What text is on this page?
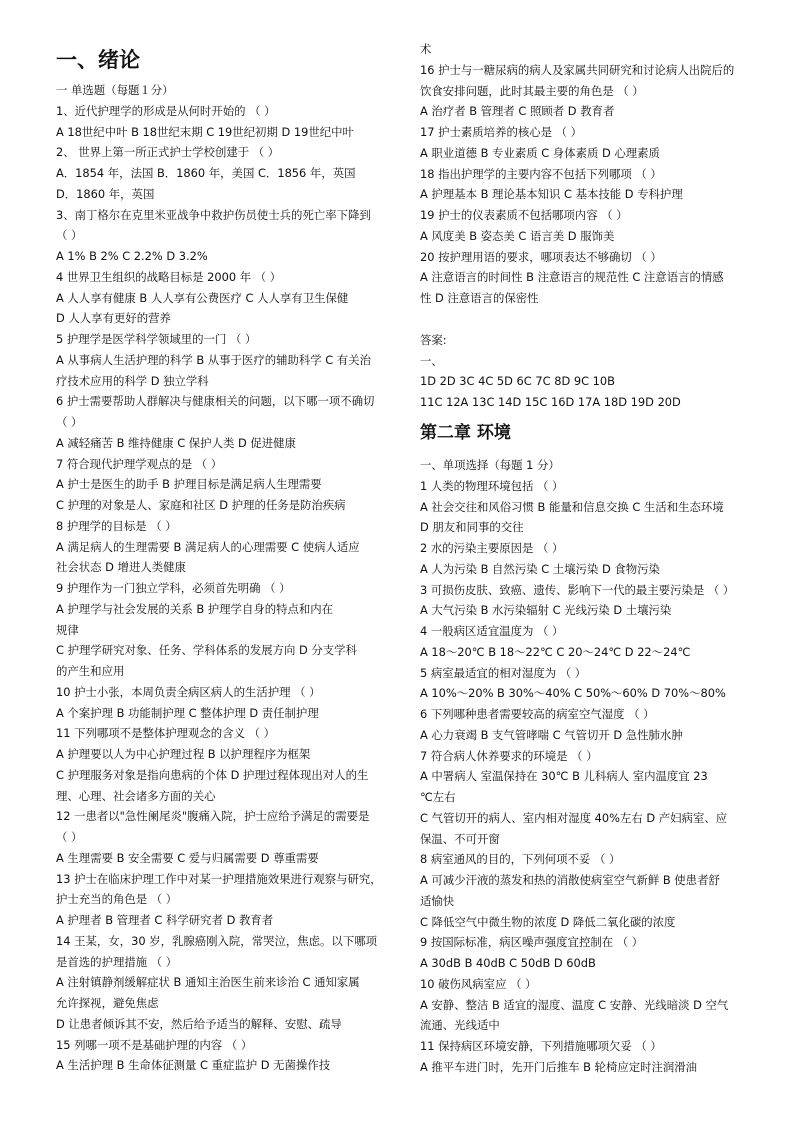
一、绪论
一 单选题（每题１分）
1、近代护理学的形成是从何时开始的 （ ）
A 18世纪中叶 B 18世纪末期 C 19世纪初期 D 19世纪中叶
2、 世界上第一所正式护士学校创建于 （ ）
A．1854 年，法国 B．1860 年，美国 C．1856 年，英国
D．1860 年，英国
3、南丁格尔在克里米亚战争中救护伤员使士兵的死亡率下降到
（ ）
A 1% B 2% C 2.2% D 3.2%
4 世界卫生组织的战略目标是 2000 年 （ ）
A 人人享有健康 B 人人享有公费医疗 C 人人享有卫生保健
D 人人享有更好的营养
5 护理学是医学科学领域里的一门 （ ）
A 从事病人生活护理的科学 B 从事于医疗的辅助科学 C 有关治
疗技术应用的科学 D 独立学科
6 护士需要帮助人群解决与健康相关的问题，以下哪一项不确切
（ ）
A 减轻痛苦 B 维持健康 C 保护人类 D 促进健康
7 符合现代护理学观点的是 （ ）
A 护士是医生的助手 B 护理目标是满足病人生理需要
C 护理的对象是人、家庭和社区 D 护理的任务是防治疾病
8 护理学的目标是 （ ）
A 满足病人的生理需要 B 满足病人的心理需要 C 使病人适应
社会状态 D 增进人类健康
9 护理作为一门独立学科，必须首先明确 （ ）
A 护理学与社会发展的关系 B 护理学自身的特点和内在
规律
C 护理学研究对象、任务、学科体系的发展方向 D 分支学科
的产生和应用
10 护士小张，本周负责全病区病人的生活护理 （ ）
A 个案护理 B 功能制护理 C 整体护理 D 责任制护理
11 下列哪项不是整体护理观念的含义 （ ）
A 护理要以人为中心护理过程 B 以护理程序为框架
C 护理服务对象是指向患病的个体 D 护理过程体现出对人的生
理、心理、社会诸多方面的关心
12 一患者以"急性阑尾炎"腹痛入院，护士应给予满足的需要是
（ ）
A 生理需要 B 安全需要 C 爱与归属需要 D 尊重需要
13 护士在临床护理工作中对某一护理措施效果进行观察与研究，
护士充当的角色是 （ ）
A 护理者 B 管理者 C 科学研究者 D 教育者
14 王某，女，30 岁，乳腺癌刚入院，常哭泣，焦虑。以下哪项
是首选的护理措施 （ ）
A 注射镇静剂缓解症状 B 通知主治医生前来诊治 C 通知家属
允许探视，避免焦虑
D 让患者倾诉其不安，然后给予适当的解释、安慰、疏导
15 列哪一项不是基础护理的内容 （ ）
A 生活护理 B 生命体征测量 C 重症监护 D 无菌操作技
术
16 护士与一糖尿病的病人及家属共同研究和讨论病人出院后的
饮食安排问题，此时其最主要的角色是 （ ）
A 治疗者 B 管理者 C 照顾者 D 教育者
17 护士素质培养的核心是 （ ）
A 职业道德 B 专业素质 C 身体素质 D 心理素质
18 指出护理学的主要内容不包括下列哪项 （ ）
A 护理基本 B 理论基本知识 C 基本技能 D 专科护理
19 护士的仪表素质不包括哪项内容 （ ）
A 风度美 B 姿态美 C 语言美 D 服饰美
20 按护理用语的要求，哪项表达不够确切 （ ）
A 注意语言的时间性 B 注意语言的规范性 C 注意语言的情感
性 D 注意语言的保密性
答案:
一、
1D 2D 3C 4C 5D 6C 7C 8D 9C 10B
11C 12A 13C 14D 15C 16D 17A 18D 19D 20D
第二章 环境
一、单项选择（每题 1 分）
1 人类的物理环境包括 （ ）
A 社会交往和风俗习惯 B 能量和信息交换 C 生活和生态环境
D 朋友和同事的交往
2 水的污染主要原因是 （ ）
A 人为污染 B 自然污染 C 土壤污染 D 食物污染
3 可损伤皮肤、致癌、遗传、影响下一代的最主要污染是 （ ）
A 大气污染 B 水污染辐射 C 光线污染 D 土壤污染
4 一般病区适宜温度为 （ ）
A 18～20℃ B 18～22℃ C 20～24℃ D 22～24℃
5 病室最适宜的相对湿度为 （ ）
A 10%～20% B 30%～40% C 50%～60% D 70%～80%
6 下列哪种患者需要较高的病室空气湿度 （ ）
A 心力衰竭 B 支气管哮喘 C 气管切开 D 急性肺水肿
7 符合病人休养要求的环境是 （ ）
A 中署病人 室温保持在 30℃ B 儿科病人 室内温度宜 23
℃左右
C 气管切开的病人、室内相对湿度 40%左右 D 产妇病室、应
保温、不可开窗
8 病室通风的目的，下列何项不妥 （ ）
A 可减少汗液的蒸发和热的消散使病室空气新鲜 B 使患者舒
适愉快
C 降低空气中微生物的浓度 D 降低二氧化碳的浓度
9 按国际标准，病区噪声强度宜控制在 （ ）
A 30dB B 40dB C 50dB D 60dB
10 破伤风病室应 （ ）
A 安静、整洁 B 适宜的湿度、温度 C 安静、光线暗淡 D 空气
流通、光线适中
11 保持病区环境安静，下列措施哪项欠妥 （ ）
A 推平车进门时，先开门后推车 B 轮椅应定时注润滑油
